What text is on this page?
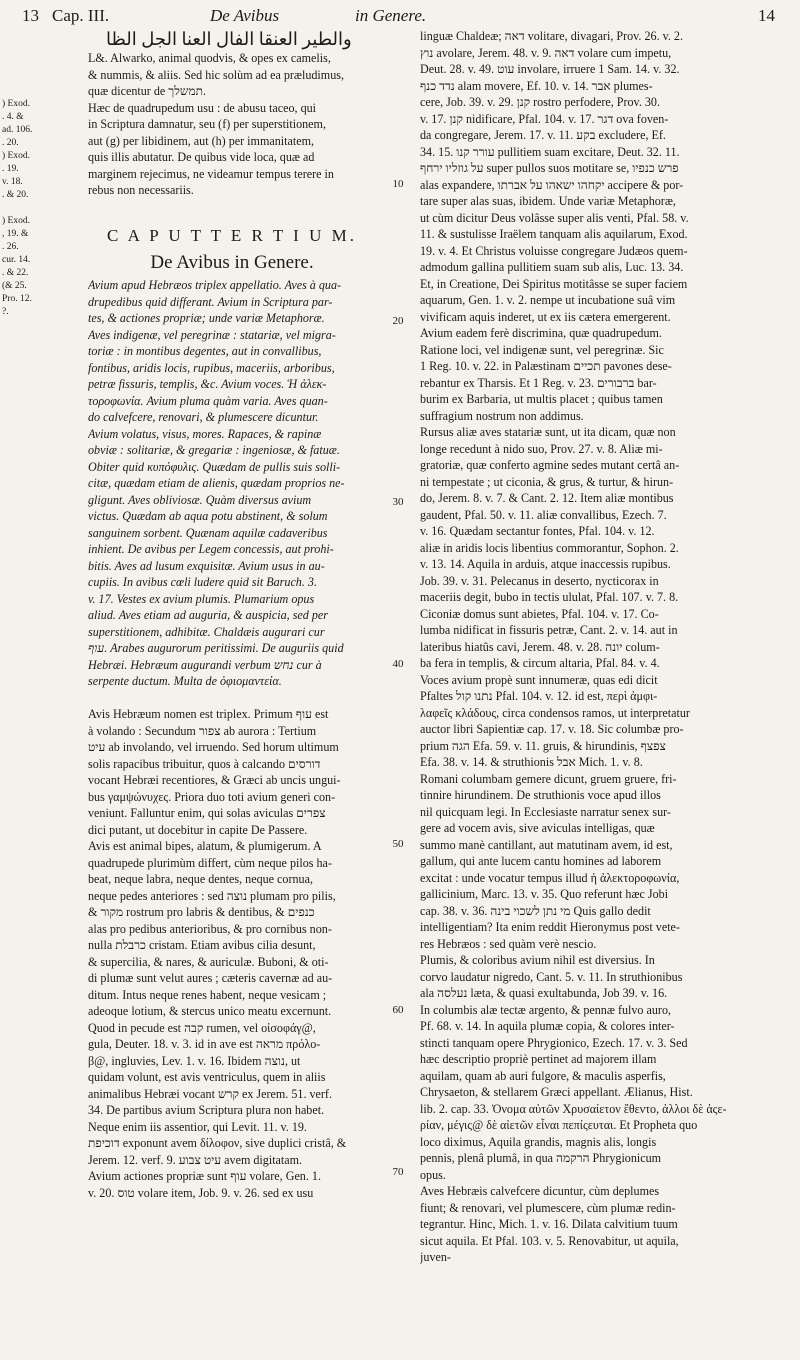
13 Cap. III.	De Avibus	in Genere.	14
) Exod.
. 4. &
ad. 106.
. 20.
) Exod.
. 19.
v. 18.
. & 20.
) Exod.
, 19. &
. 26.
cur. 14.
. & 22.
(& 25.
Pro. 12.
?.
ﻭﺍﻟﻄﻴﺮ ﺍﻟﻌﻨﻘﺎ ﺍﻟﻔﺎﻝ ﺍﻟﻌﻨﺎ ﺍﻟﺠﻞ ﺍﻟﻈﺎ
L&. Alwarko, animal quodvis, & opes ex camelis,
& nummis, & aliis. Sed hic solùm ad ea præludimus,
quæ dicentur de תמשלך.
Hæc de quadrupedum usu : de abusu taceo, qui
in Scriptura damnatur, seu (f) per superstitionem,
aut (g) per libidinem, aut (h) per immanitatem,
quis illis abutatur. De quibus vide loca, quæ ad
marginem rejecimus, ne videamur tempus terere in
rebus non necessariis.
C A P U T T E R T I U M.
De Avibus in Genere.
Avium apud Hebræos triplex appellatio. Aves à qua-
drupedibus quid differant. Avium in Scriptura par-
tes, & actiones propriæ; unde variæ Metaphoræ.
Aves indigenæ, vel peregrinæ : statariæ, vel migra-
toriæ : in montibus degentes, aut in convallibus,
fontibus, aridis locis, rupibus, maceriis, arboribus,
petræ fissuris, templis, &c. Avium voces. Ἡ ἀλεκ-
τοροφωνία. Avium pluma quàm varia. Aves quan-
do calvefcere, renovari, & plumescere dicuntur.
Avium volatus, visus, mores. Rapaces, & rapinæ
obviæ : solitariæ, & gregariæ : ingeniosæ, & fatuæ.
Obiter quid κυπόφυλις. Quædam de pullis suis solli-
citæ, quædam etiam de alienis, quædam proprios ne-
gligunt. Aves obliviosæ. Quàm diversus avium
victus. Quædam ab aqua potu abstinent, & solum
sanguinem sorbent. Quænam aquilæ cadaveribus
inhient. De avibus per Legem concessis, aut prohi-
bitis. Aves ad lusum exquisitæ. Avium usus in au-
cupiis. In avibus cœli ludere quid sit Baruch. 3.
v. 17. Vestes ex avium plumis. Plumarium opus
aliud. Aves etiam ad auguria, & auspicia, sed per
superstitionem, adhibitæ. Chaldæis augurari cur
עוף. Arabes augurorum peritissimi. De auguriis quid
Hebræi. Hebræum augurandi verbum נחש cur à
serpente ductum. Multa de ὀφιομαντεία.
Avis Hebræum nomen est triplex. Primum עוף est
à volando : Secundum צפור ab aurora : Tertium
עיט ab involando, vel irruendo. Sed horum ultimum
solis rapacibus tribuitur, quos à calcando דורסים
vocant Hebræi recentiores, & Græci ab uncis ungui-
bus γαμψώνυχες. Priora duo toti avium generi con-
veniunt. Falluntur enim, qui solas aviculas צפרים
dici putant, ut docebitur in capite De Passere.
Avis est animal bipes, alatum, & plumigerum. A
quadrupede plurimùm differt, cùm neque pilos ha-
beat, neque labra, neque dentes, neque cornua,
neque pedes anteriores : sed נוצה plumam pro pilis,
& מקור rostrum pro labris & dentibus, & כנפים
alas pro pedibus anterioribus, & pro cornibus non-
nulla כרבלת cristam. Etiam avibus cilia desunt,
& supercilia, & nares, & auriculæ. Buboni, & oti-
di plumæ sunt velut aures ; cæteris cavernæ ad au-
ditum. Intus neque renes habent, neque vesicam ;
adeoque lotium, & stercus unico meatu excernunt.
Quod in pecude est קבה rumen, vel οἰσοφάγ@,
gula, Deuter. 18. v. 3. id in ave est מראה πρόλο-
β@, ingluvies, Lev. 1. v. 16. Ibidem נוצה, ut
quidam volunt, est avis ventriculus, quem in aliis
animalibus Hebræi vocant קרש ex Jerem. 51. verf.
34. De partibus avium Scriptura plura non habet.
Neque enim iis assentior, qui Levit. 11. v. 19.
דוכיפת exponunt avem δίλοφον, sive duplici cristâ, &
Jerem. 12. verf. 9. עיט צבוע avem digitatam.
Avium actiones propriæ sunt עוף volare, Gen. 1.
v. 20. טוס volare item, Job. 9. v. 26. sed ex usu
10
20
30
40
50
60
70
linguæ Chaldeæ; דאה volitare, divagari, Prov. 26. v. 2.
נוץ avolare, Jerem. 48. v. 9. דאה volare cum impetu,
Deut. 28. v. 49. עוט involare, irruere 1 Sam. 14. v. 32.
נדד כנף alam movere, Ef. 10. v. 14. אבר plumes-
cere, Job. 39. v. 29. קנן rostro perfodere, Prov. 30.
v. 17. קנן nidificare, Pfal. 104. v. 17. דגר ova foven-
da congregare, Jerem. 17. v. 11. בקע excludere, Ef.
34. 15. עורר קנו pullitiem suam excitare, Deut. 32. 11.
על גוזליו ירחף super pullos suos motitare se, פרש כנפיו
alas expandere, יקחהו ישאהו על אברתו accipere & por-
tare super alas suas, ibidem. Unde variæ Metaphoræ,
ut cùm dicitur Deus volâsse super alis venti, Pfal. 58. v.
11. & sustulisse Iraëlem tanquam alis aquilarum, Exod.
19. v. 4. Et Christus voluisse congregare Judæos quem-
admodum gallina pullitiem suam sub alis, Luc. 13. 34.
Et, in Creatione, Dei Spiritus motitâsse se super faciem
aquarum, Gen. 1. v. 2. nempe ut incubatione suâ vim
vivificam aquis inderet, ut ex iis cætera emergerent.
Avium eadem ferè discrimina, quæ quadrupedum.
Ratione loci, vel indigenæ sunt, vel peregrinæ. Sic
1 Reg. 10. v. 22. in Palæstinam תכיים pavones dese-
rebantur ex Tharsis. Et 1 Reg. v. 23. ברבורים bar-
burim ex Barbaria, ut multis placet ; quibus tamen
suffragium nostrum non addimus.
Rursus aliæ aves statariæ sunt, ut ita dicam, quæ non
longe recedunt à nido suo, Prov. 27. v. 8. Aliæ mi-
gratoriæ, quæ conferto agmine sedes mutant certâ an-
ni tempestate ; ut ciconia, & grus, & turtur, & hirun-
do, Jerem. 8. v. 7. & Cant. 2. 12. Item aliæ montibus
gaudent, Pfal. 50. v. 11. aliæ convallibus, Ezech. 7.
v. 16. Quædam sectantur fontes, Pfal. 104. v. 12.
aliæ in aridis locis libentius commorantur, Sophon. 2.
v. 13. 14. Aquila in arduis, atque inaccessis rupibus.
Job. 39. v. 31. Pelecanus in deserto, nycticorax in
maceriis degit, bubo in tectis ululat, Pfal. 107. v. 7. 8.
Ciconiæ domus sunt abietes, Pfal. 104. v. 17. Co-
lumba nidificat in fissuris petræ, Cant. 2. v. 14. aut in
lateribus hiatûs cavi, Jerem. 48. v. 28. יונה colum-
ba fera in templis, & circum altaria, Pfal. 84. v. 4.
Voces avium propè sunt innumeræ, quas edi dicit
Pfaltes נתנו קול Pfal. 104. v. 12. id est, περὶ ἀμφι-
λαφεῖς κλάδους, circa condensos ramos, ut interpretatur
auctor libri Sapientiæ cap. 17. v. 18. Sic columbæ pro-
prium הגה Efa. 59. v. 11. gruis, & hirundinis, צפצף
Efa. 38. v. 14. & struthionis אבל Mich. 1. v. 8.
Romani columbam gemere dicunt, gruem gruere, fri-
tinnire hirundinem. De struthionis voce apud illos
nil quicquam legi. In Ecclesiaste narratur senex sur-
gere ad vocem avis, sive aviculas intelligas, quæ
summo manè cantillant, aut matutinam avem, id est,
gallum, qui ante lucem cantu homines ad laborem
excitat : unde vocatur tempus illud ἡ ἀλεκτοροφωνία,
gallicinium, Marc. 13. v. 35. Quo referunt hæc Jobi
cap. 38. v. 36. מי נתן לשכוי בינה Quis gallo dedit
intelligentiam? Ita enim reddit Hieronymus post vete-
res Hebræos : sed quàm verè nescio.
Plumis, & coloribus avium nihil est diversius. In
corvo laudatur nigredo, Cant. 5. v. 11. In struthionibus
ala נעלסה læta, & quasi exultabunda, Job 39. v. 16.
In columbis alæ tectæ argento, & pennæ fulvo auro,
Pf. 68. v. 14. In aquila plumæ copia, & colores inter-
stincti tanquam opere Phrygionico, Ezech. 17. v. 3. Sed
hæc descriptio propriè pertinet ad majorem illam
aquilam, quam ab auri fulgore, & maculis asperfis,
Chrysaeton, & stellarem Græci appellant. Ælianus, Hist.
lib. 2. cap. 33. Ὀνομα αὐτῶν Χρυσαίετον ἔθεντο, ἀλλοι δὲ ἀςε-
ρίαν, μέγις@ δὲ αἰετῶν εἶναι πεπίςευται. Et Propheta quo
loco diximus, Aquila grandis, magnis alis, longis
pennis, plenâ plumâ, in qua הרקמה Phrygionicum
opus.
Aves Hebræis calvefcere dicuntur, cùm deplumes
fiunt; & renovari, vel plumescere, cùm plumæ redin-
tegrantur. Hinc, Mich. 1. v. 16. Dilata calvitium tuum
sicut aquila. Et Pfal. 103. v. 5. Renovabitur, ut aquila,
juven-
